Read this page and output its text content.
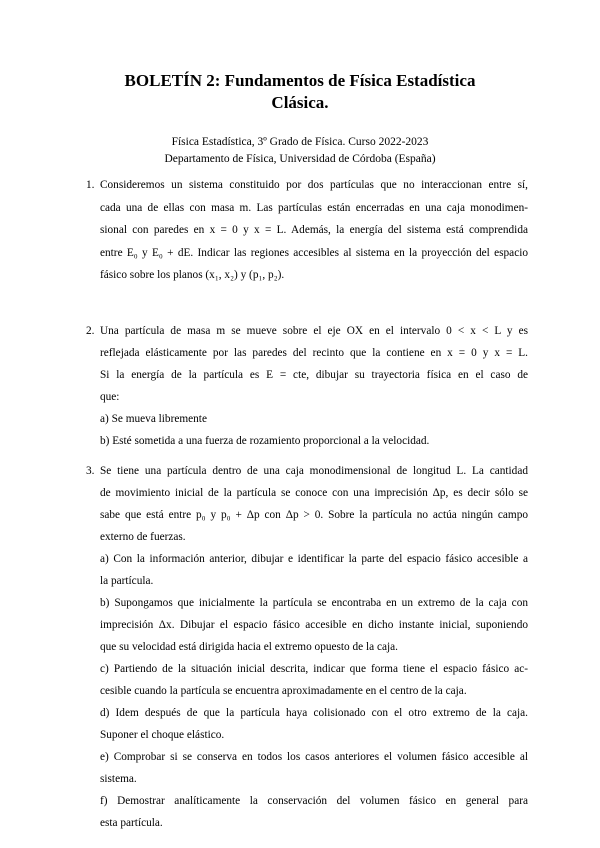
BOLETÍN 2: Fundamentos de Física Estadística
Clásica.
Física Estadística, 3º Grado de Física. Curso 2022-2023
Departamento de Física, Universidad de Córdoba (España)
1. Consideremos un sistema constituido por dos partículas que no interaccionan entre sí,
cada una de ellas con masa m. Las partículas están encerradas en una caja monodimen-
sional con paredes en x = 0 y x = L. Además, la energía del sistema está comprendida
entre E₀ y E₀ + dE. Indicar las regiones accesibles al sistema en la proyección del espacio
fásico sobre los planos (x₁, x₂) y (p₁, p₂).
2. Una partícula de masa m se mueve sobre el eje OX en el intervalo 0 < x < L y es
reflejada elásticamente por las paredes del recinto que la contiene en x = 0 y x = L.
Si la energía de la partícula es E = cte, dibujar su trayectoria física en el caso de
que:
a) Se mueva libremente
b) Esté sometida a una fuerza de rozamiento proporcional a la velocidad.
3. Se tiene una partícula dentro de una caja monodimensional de longitud L. La cantidad
de movimiento inicial de la partícula se conoce con una imprecisión Δp, es decir sólo se
sabe que está entre p₀ y p₀ + Δp con Δp > 0. Sobre la partícula no actúa ningún campo
externo de fuerzas.
a) Con la información anterior, dibujar e identificar la parte del espacio fásico accesible a
la partícula.
b) Supongamos que inicialmente la partícula se encontraba en un extremo de la caja con
imprecisión Δx. Dibujar el espacio fásico accesible en dicho instante inicial, suponiendo
que su velocidad está dirigida hacia el extremo opuesto de la caja.
c) Partiendo de la situación inicial descrita, indicar que forma tiene el espacio fásico ac-
cesible cuando la partícula se encuentra aproximadamente en el centro de la caja.
d) Idem después de que la partícula haya colisionado con el otro extremo de la caja.
Suponer el choque elástico.
e) Comprobar si se conserva en todos los casos anteriores el volumen fásico accesible al
sistema.
f) Demostrar analíticamente la conservación del volumen fásico en general para
esta partícula.
